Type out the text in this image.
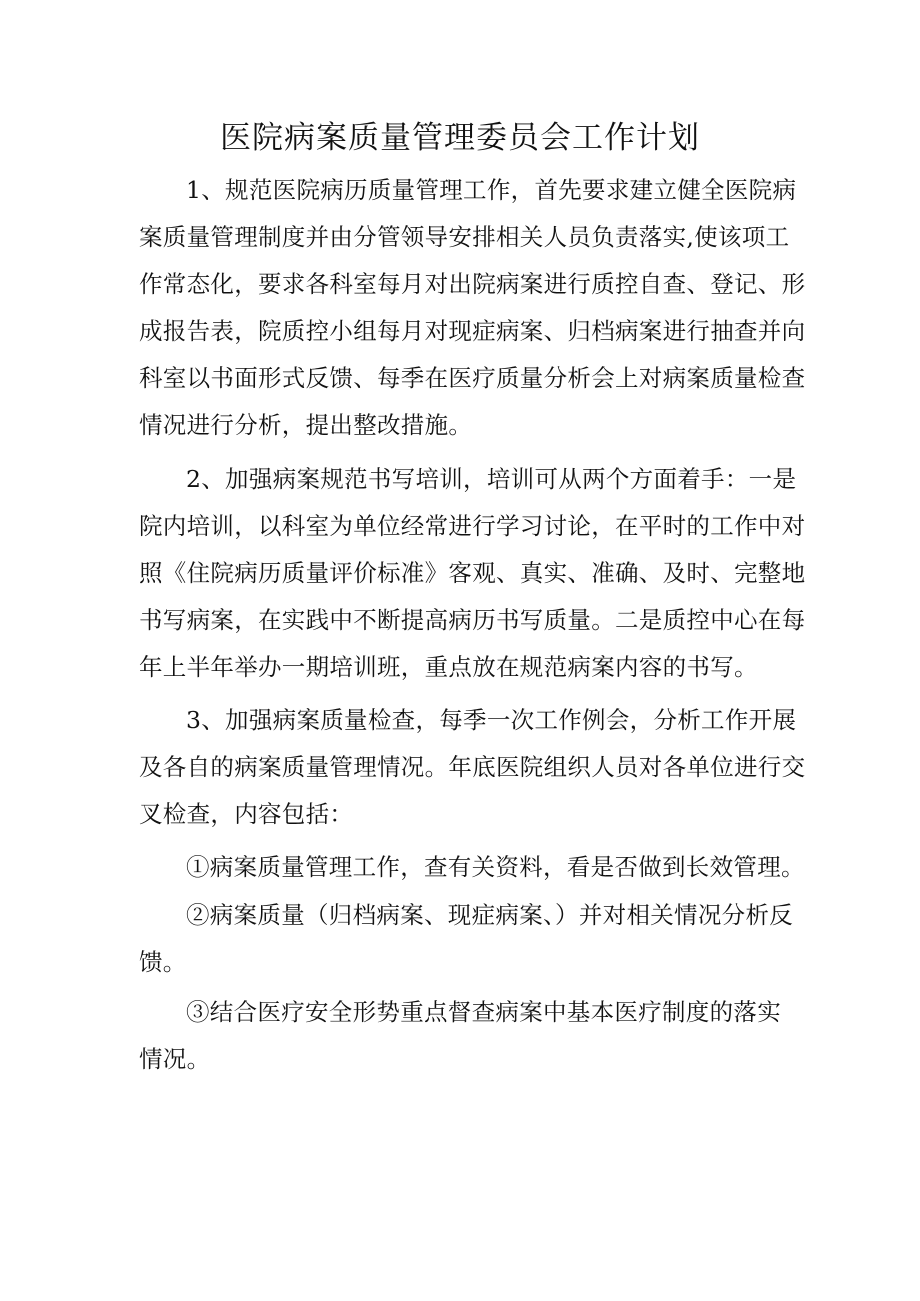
医院病案质量管理委员会工作计划
1、规范医院病历质量管理工作，首先要求建立健全医院病
案质量管理制度并由分管领导安排相关人员负责落实,使该项工
作常态化，要求各科室每月对出院病案进行质控自查、登记、形
成报告表，院质控小组每月对现症病案、归档病案进行抽查并向
科室以书面形式反馈、每季在医疗质量分析会上对病案质量检查
情况进行分析，提出整改措施。
2、加强病案规范书写培训，培训可从两个方面着手：一是
院内培训，以科室为单位经常进行学习讨论，在平时的工作中对
照《住院病历质量评价标准》客观、真实、准确、及时、完整地
书写病案，在实践中不断提高病历书写质量。二是质控中心在每
年上半年举办一期培训班，重点放在规范病案内容的书写。
3、加强病案质量检查，每季一次工作例会，分析工作开展
及各自的病案质量管理情况。年底医院组织人员对各单位进行交
叉检查，内容包括：
①病案质量管理工作，查有关资料，看是否做到长效管理。
②病案质量（归档病案、现症病案、）并对相关情况分析反
馈。
③结合医疗安全形势重点督查病案中基本医疗制度的落实
情况。
